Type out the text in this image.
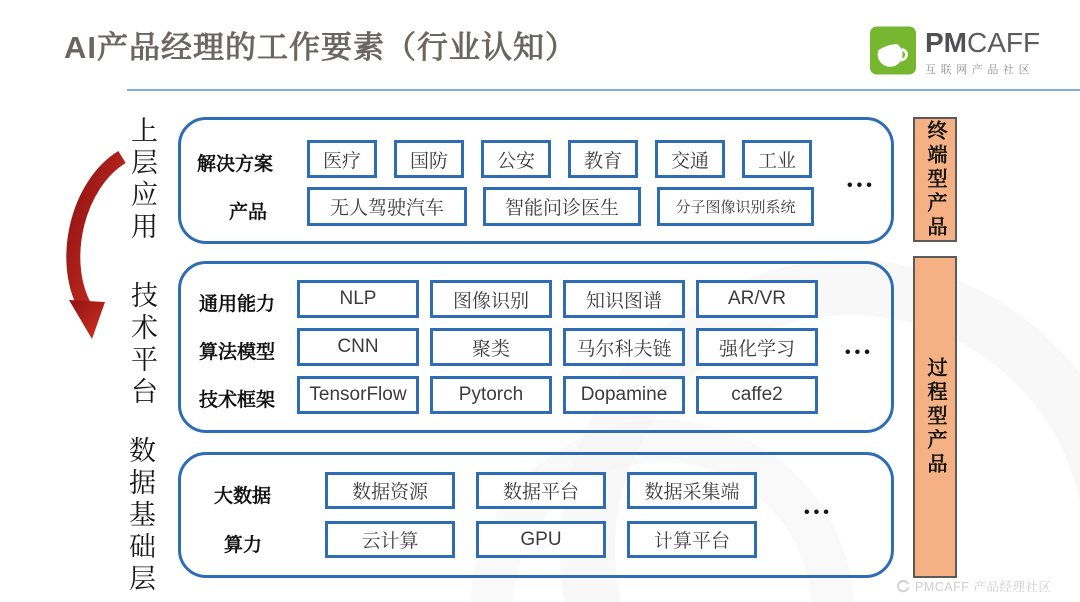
AI产品经理的工作要素（行业认知）	PMCAFF
互联网产品社区
上层应用
技术平台
数据基础层
解决方案	医疗	国防	公安	教育	交通	工业
产品	无人驾驶汽车	智能问诊医生	分子图像识别系统
•••
通用能力	NLP	图像识别	知识图谱	AR/VR
算法模型	CNN	聚类	马尔科夫链	强化学习
技术框架	TensorFlow	Pytorch	Dopamine	caffe2
•••
大数据	数据资源	数据平台	数据采集端
算力	云计算	GPU	计算平台
•••
终端型产品
过程型产品
PMCAFF 产品经理社区
